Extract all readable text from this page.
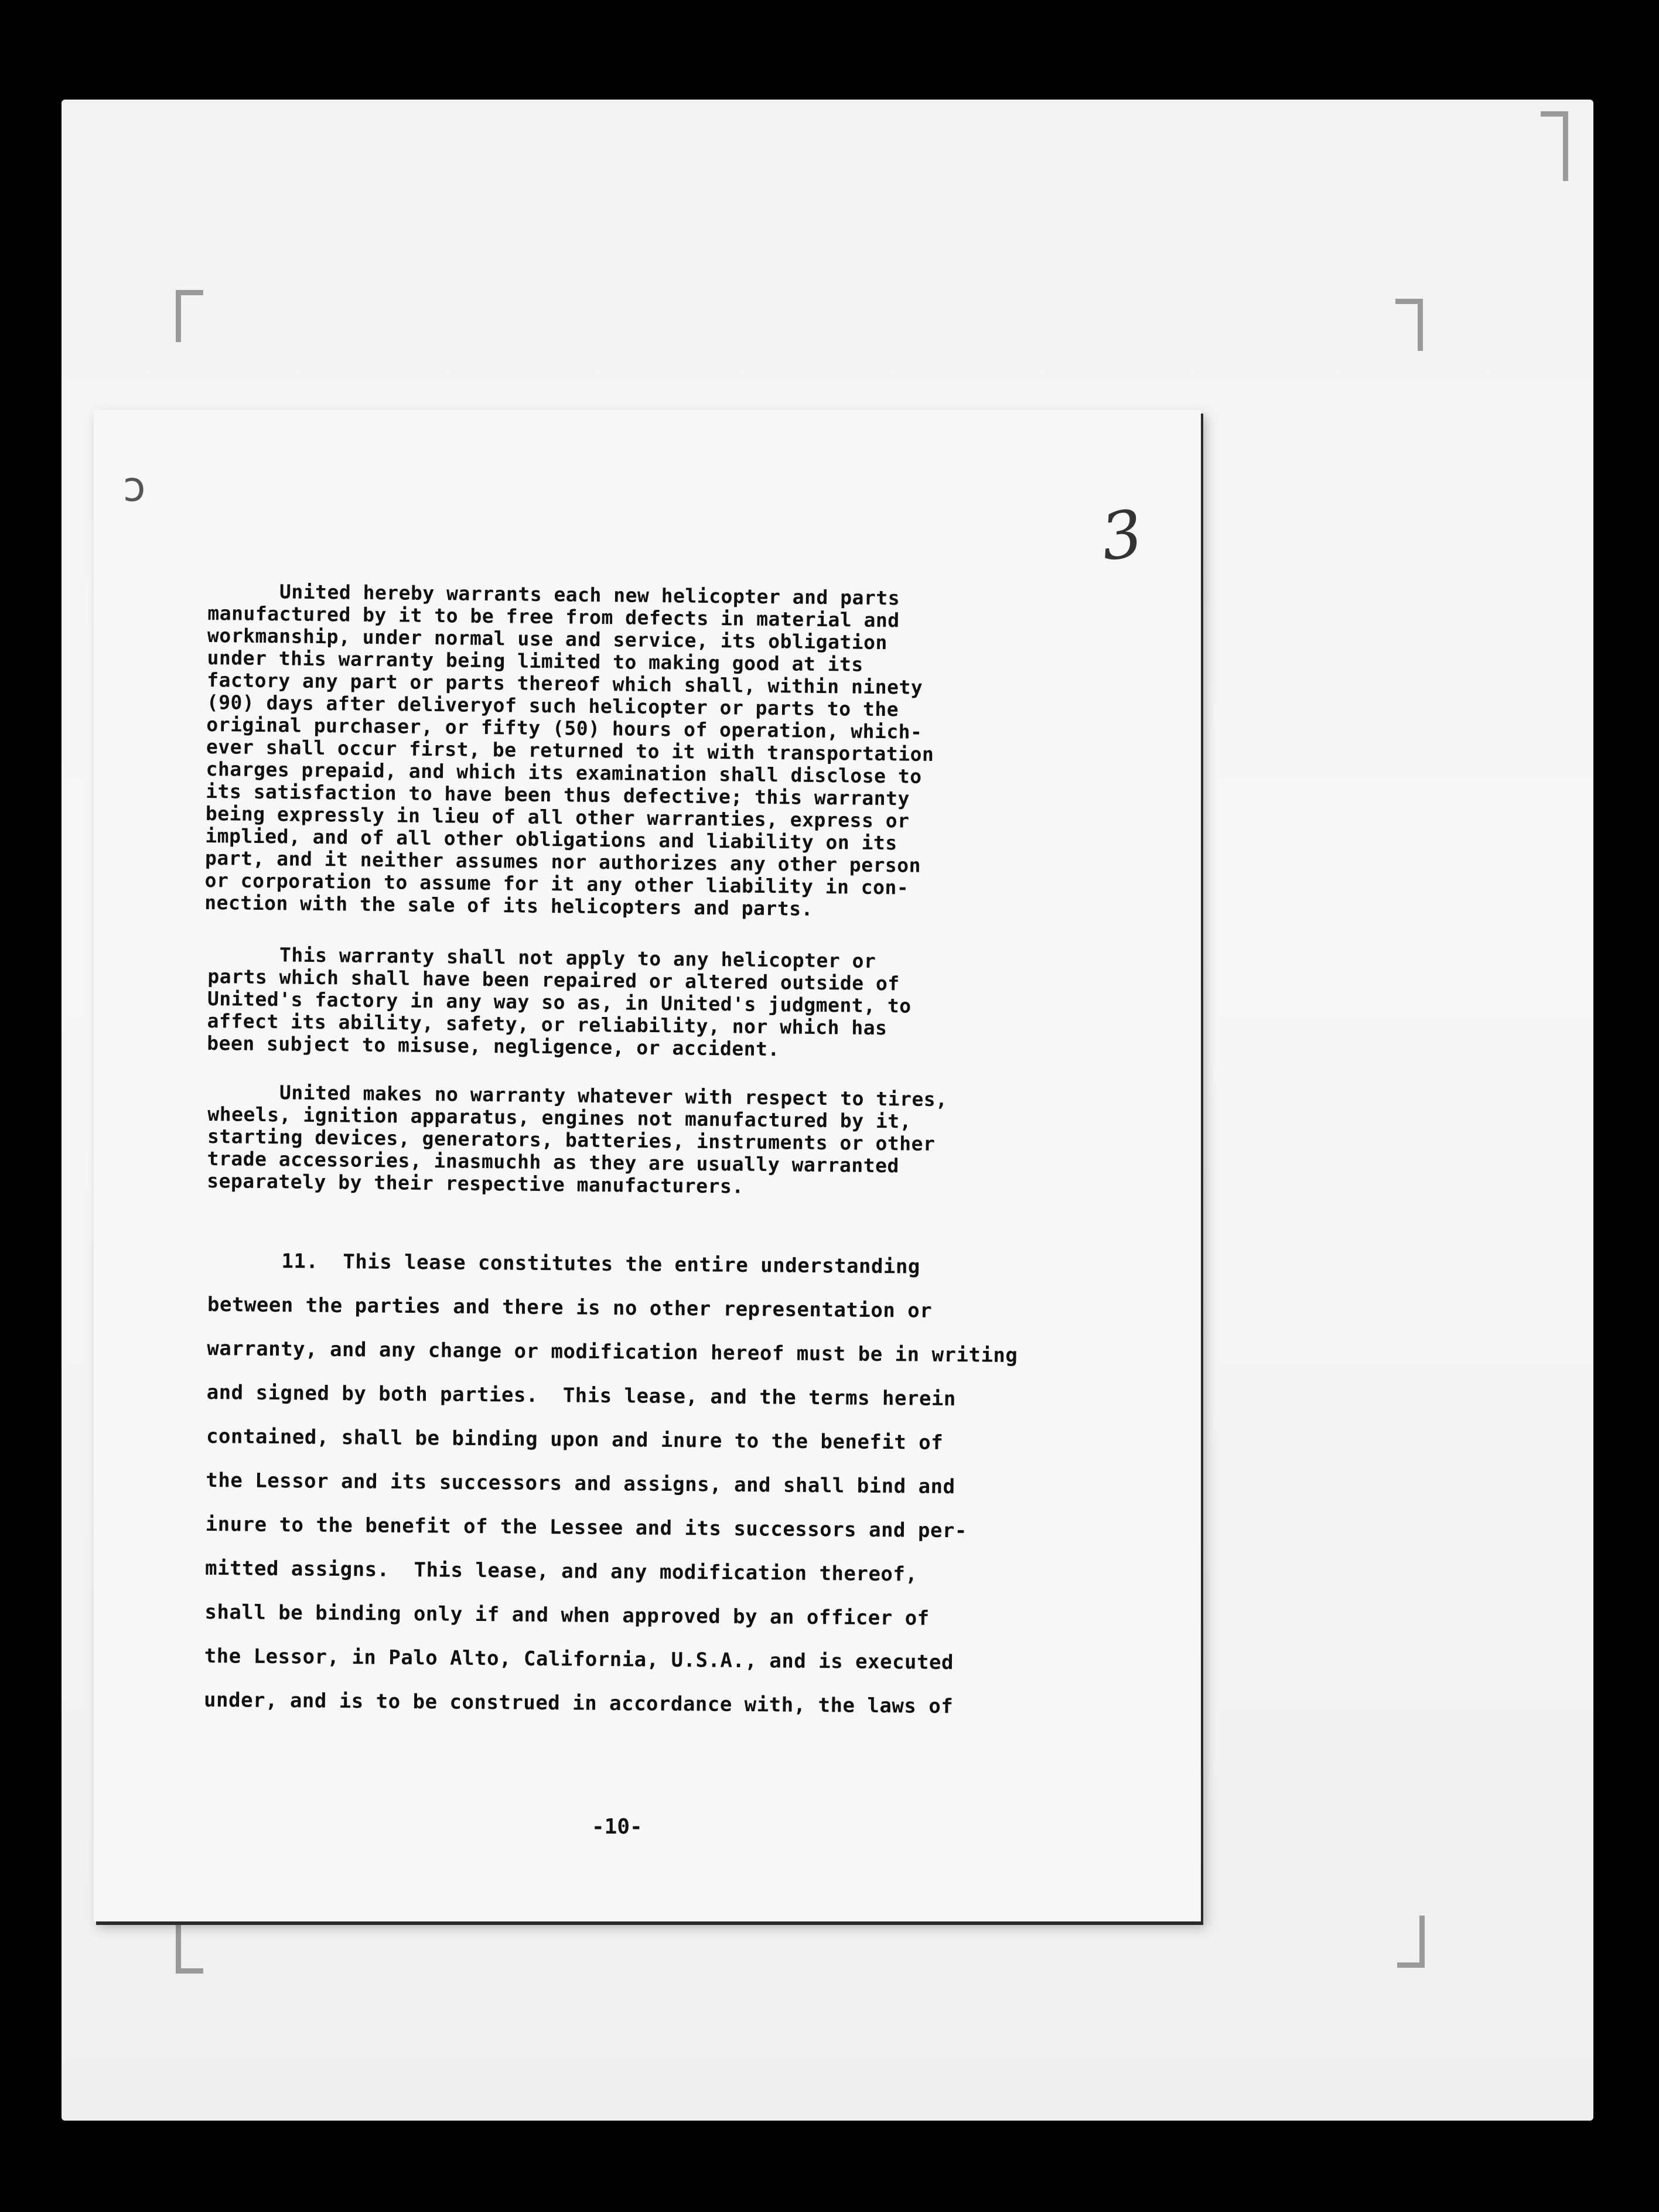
ↄ
3
United hereby warrants each new helicopter and parts
manufactured by it to be free from defects in material and
workmanship, under normal use and service, its obligation
under this warranty being limited to making good at its
factory any part or parts thereof which shall, within ninety
(90) days after deliveryof such helicopter or parts to the
original purchaser, or fifty (50) hours of operation, which-
ever shall occur first, be returned to it with transportation
charges prepaid, and which its examination shall disclose to
its satisfaction to have been thus defective; this warranty
being expressly in lieu of all other warranties, express or
implied, and of all other obligations and liability on its
part, and it neither assumes nor authorizes any other person
or corporation to assume for it any other liability in con-
nection with the sale of its helicopters and parts.
This warranty shall not apply to any helicopter or
parts which shall have been repaired or altered outside of
United's factory in any way so as, in United's judgment, to
affect its ability, safety, or reliability, nor which has
been subject to misuse, negligence, or accident.
United makes no warranty whatever with respect to tires,
wheels, ignition apparatus, engines not manufactured by it,
starting devices, generators, batteries, instruments or other
trade accessories, inasmuchh as they are usually warranted
separately by their respective manufacturers.
11.  This lease constitutes the entire understanding
between the parties and there is no other representation or
warranty, and any change or modification hereof must be in writing
and signed by both parties.  This lease, and the terms herein
contained, shall be binding upon and inure to the benefit of
the Lessor and its successors and assigns, and shall bind and
inure to the benefit of the Lessee and its successors and per-
mitted assigns.  This lease, and any modification thereof,
shall be binding only if and when approved by an officer of
the Lessor, in Palo Alto, California, U.S.A., and is executed
under, and is to be construed in accordance with, the laws of
-10-
